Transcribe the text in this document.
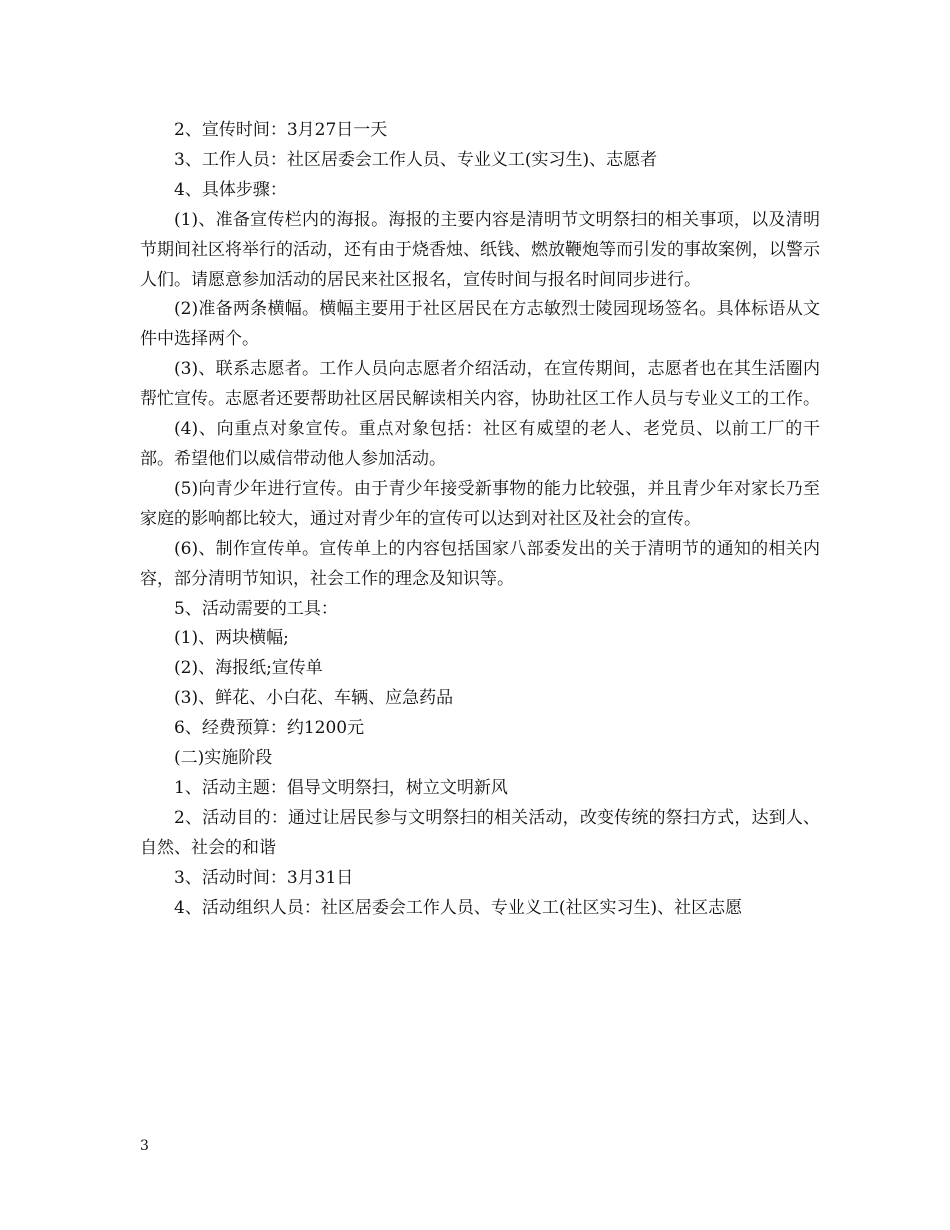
2、宣传时间：3月27日一天

3、工作人员：社区居委会工作人员、专业义工(实习生)、志愿者

4、具体步骤：

(1)、准备宣传栏内的海报。海报的主要内容是清明节文明祭扫的相关事项，以及清明节期间社区将举行的活动，还有由于烧香烛、纸钱、燃放鞭炮等而引发的事故案例，以警示人们。请愿意参加活动的居民来社区报名，宣传时间与报名时间同步进行。

(2)准备两条横幅。横幅主要用于社区居民在方志敏烈士陵园现场签名。具体标语从文件中选择两个。

(3)、联系志愿者。工作人员向志愿者介绍活动，在宣传期间，志愿者也在其生活圈内帮忙宣传。志愿者还要帮助社区居民解读相关内容，协助社区工作人员与专业义工的工作。

(4)、向重点对象宣传。重点对象包括：社区有威望的老人、老党员、以前工厂的干部。希望他们以威信带动他人参加活动。

(5)向青少年进行宣传。由于青少年接受新事物的能力比较强，并且青少年对家长乃至家庭的影响都比较大，通过对青少年的宣传可以达到对社区及社会的宣传。

(6)、制作宣传单。宣传单上的内容包括国家八部委发出的关于清明节的通知的相关内容，部分清明节知识，社会工作的理念及知识等。

5、活动需要的工具：

(1)、两块横幅;

(2)、海报纸;宣传单

(3)、鲜花、小白花、车辆、应急药品

6、经费预算：约1200元

(二)实施阶段

1、活动主题：倡导文明祭扫，树立文明新风

2、活动目的：通过让居民参与文明祭扫的相关活动，改变传统的祭扫方式，达到人、自然、社会的和谐

3、活动时间：3月31日

4、活动组织人员：社区居委会工作人员、专业义工(社区实习生)、社区志愿

3
